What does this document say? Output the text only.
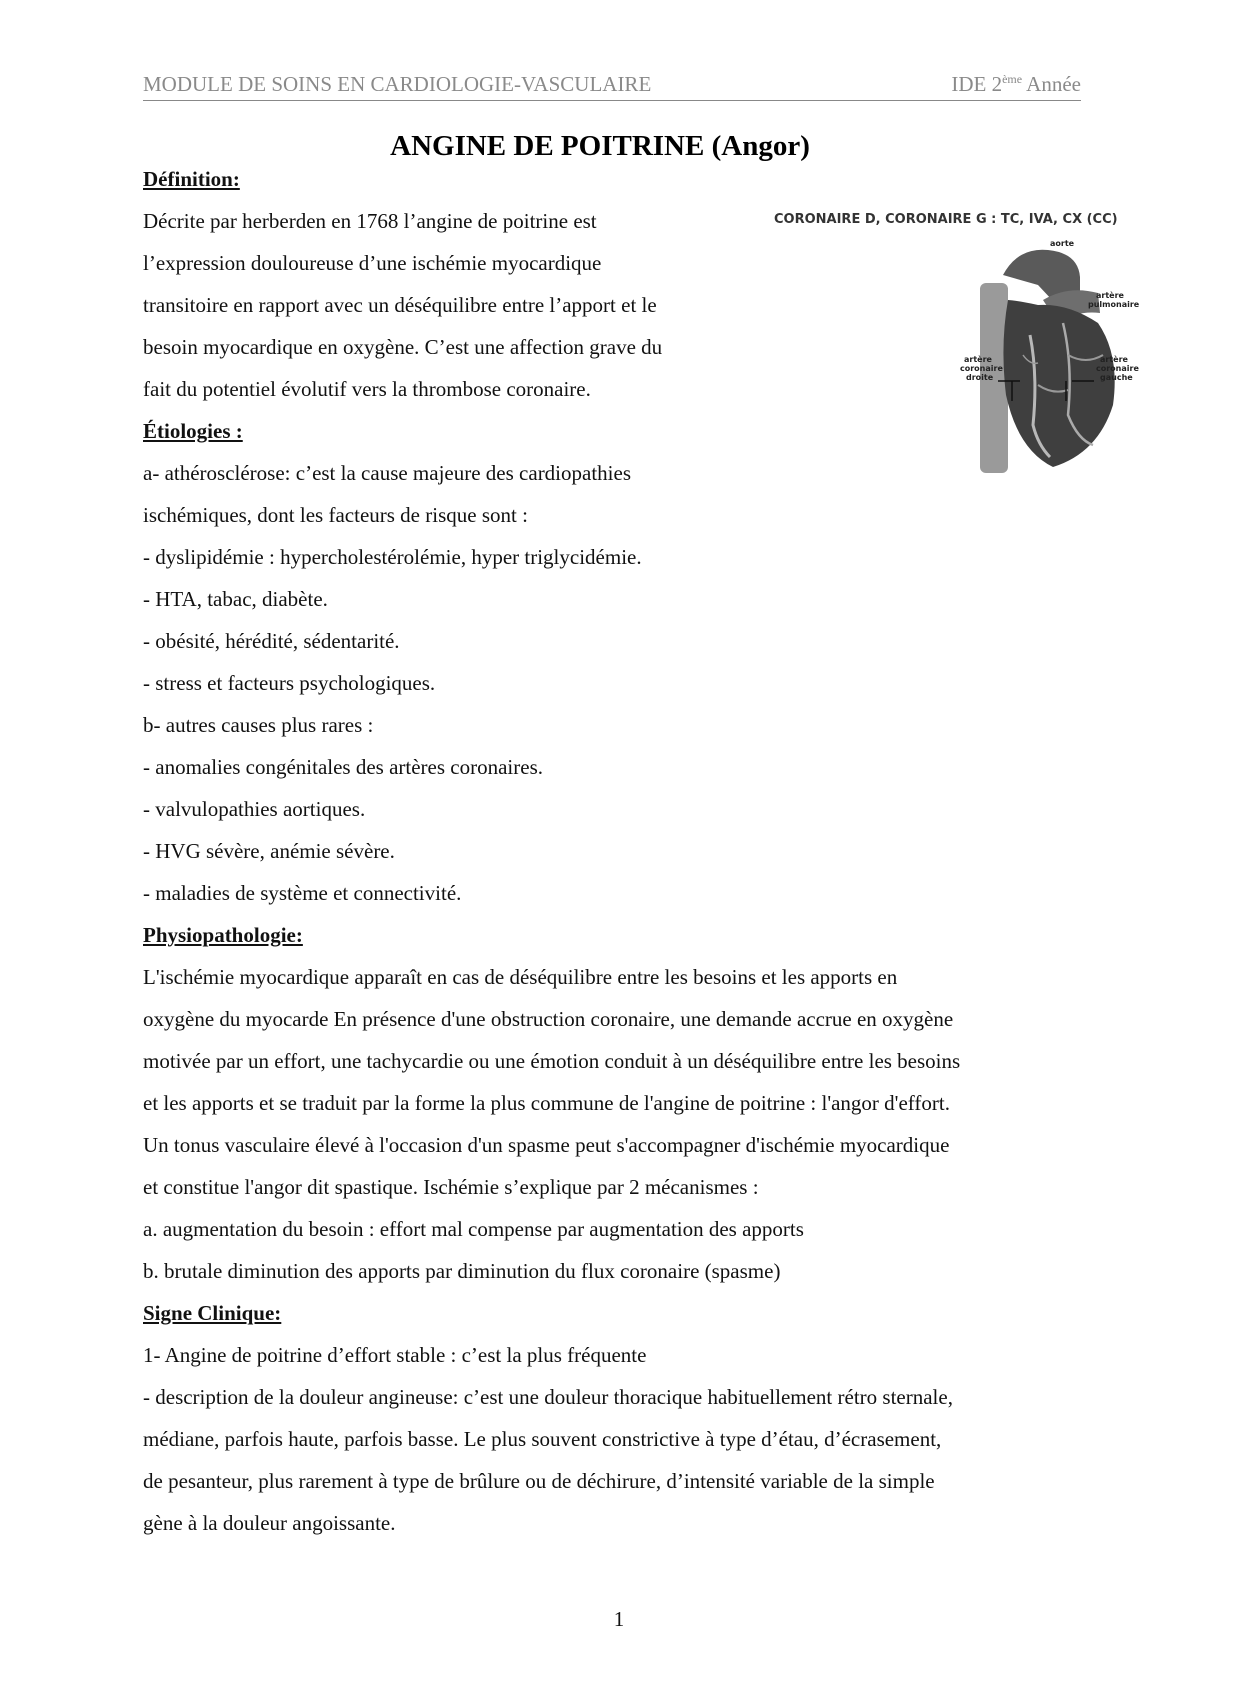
MODULE DE SOINS EN CARDIOLOGIE-VASCULAIRE	IDE 2ème Année
ANGINE DE POITRINE (Angor)
Définition:
Décrite par herberden en 1768 l’angine de poitrine est
l’expression douloureuse d’une ischémie myocardique
transitoire en rapport avec un déséquilibre entre l’apport et le
besoin myocardique en oxygène. C’est une affection grave du
fait du potentiel évolutif vers la thrombose coronaire.
Étiologies :
a- athérosclérose: c’est la cause majeure des cardiopathies
ischémiques, dont les facteurs de risque sont :
- dyslipidémie : hypercholestérolémie, hyper triglycidémie.
- HTA, tabac, diabète.
- obésité, hérédité, sédentarité.
- stress et facteurs psychologiques.
b- autres causes plus rares :
- anomalies congénitales des artères coronaires.
- valvulopathies aortiques.
- HVG sévère, anémie sévère.
- maladies de système et connectivité.
Physiopathologie:
L'ischémie myocardique apparaît en cas de déséquilibre entre les besoins et les apports en
oxygène du myocarde En présence d'une obstruction coronaire, une demande accrue en oxygène
motivée par un effort, une tachycardie ou une émotion conduit à un déséquilibre entre les besoins
et les apports et se traduit par la forme la plus commune de l'angine de poitrine : l'angor d'effort.
Un tonus vasculaire élevé à l'occasion d'un spasme peut s'accompagner d'ischémie myocardique
et constitue l'angor dit spastique. Ischémie s’explique par 2 mécanismes :
a. augmentation du besoin : effort mal compense par augmentation des apports
b. brutale diminution des apports par diminution du flux coronaire (spasme)
Signe Clinique:
1- Angine de poitrine d’effort stable : c’est la plus fréquente
- description de la douleur angineuse: c’est une douleur thoracique habituellement rétro sternale,
médiane, parfois haute, parfois basse. Le plus souvent constrictive à type d’étau, d’écrasement,
de pesanteur, plus rarement à type de brûlure ou de déchirure, d’intensité variable de la simple
gène à la douleur angoissante.
aorte
artère
pulmonaire
artère
coronaire
droite
artère
coronaire
gauche
CORONAIRE D, CORONAIRE G : TC, IVA, CX (CC)
1
